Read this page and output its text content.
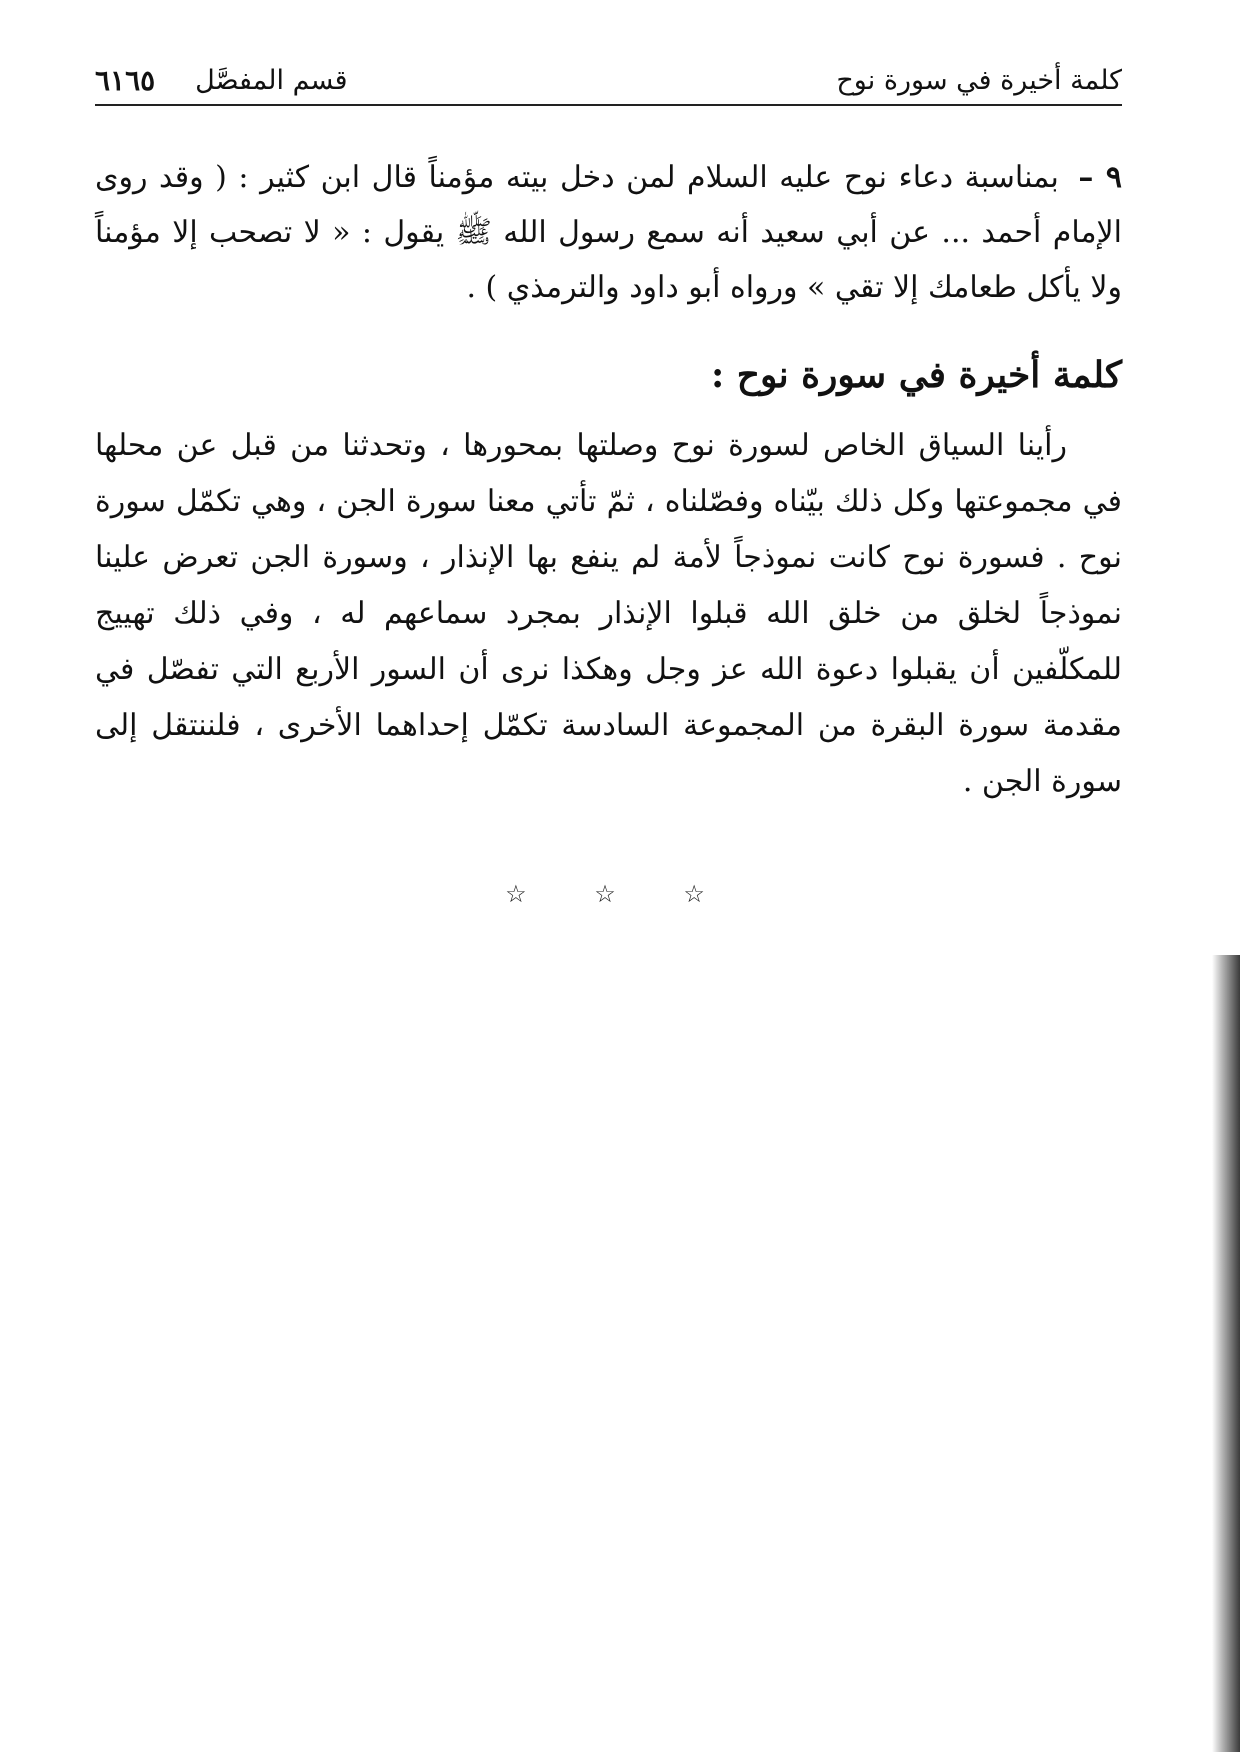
كلمة أخيرة في سورة نوح
قسم المفصَّل
٦١٦٥
٩ – بمناسبة دعاء نوح عليه السلام لمن دخل بيته مؤمناً قال ابن كثير : ( وقد روى الإمام أحمد ... عن أبي سعيد أنه سمع رسول الله ﷺ يقول : « لا تصحب إلا مؤمناً ولا يأكل طعامك إلا تقي » ورواه أبو داود والترمذي ) .
كلمة أخيرة في سورة نوح :
رأينا السياق الخاص لسورة نوح وصلتها بمحورها ، وتحدثنا من قبل عن محلها في مجموعتها وكل ذلك بيّناه وفصّلناه ، ثمّ تأتي معنا سورة الجن ، وهي تكمّل سورة نوح . فسورة نوح كانت نموذجاً لأمة لم ينفع بها الإنذار ، وسورة الجن تعرض علينا نموذجاً لخلق من خلق الله قبلوا الإنذار بمجرد سماعهم له ، وفي ذلك تهييج للمكلّفين أن يقبلوا دعوة الله عز وجل وهكذا نرى أن السور الأربع التي تفصّل في مقدمة سورة البقرة من المجموعة السادسة تكمّل إحداهما الأخرى ، فلننتقل إلى سورة الجن .
☆ ☆ ☆
